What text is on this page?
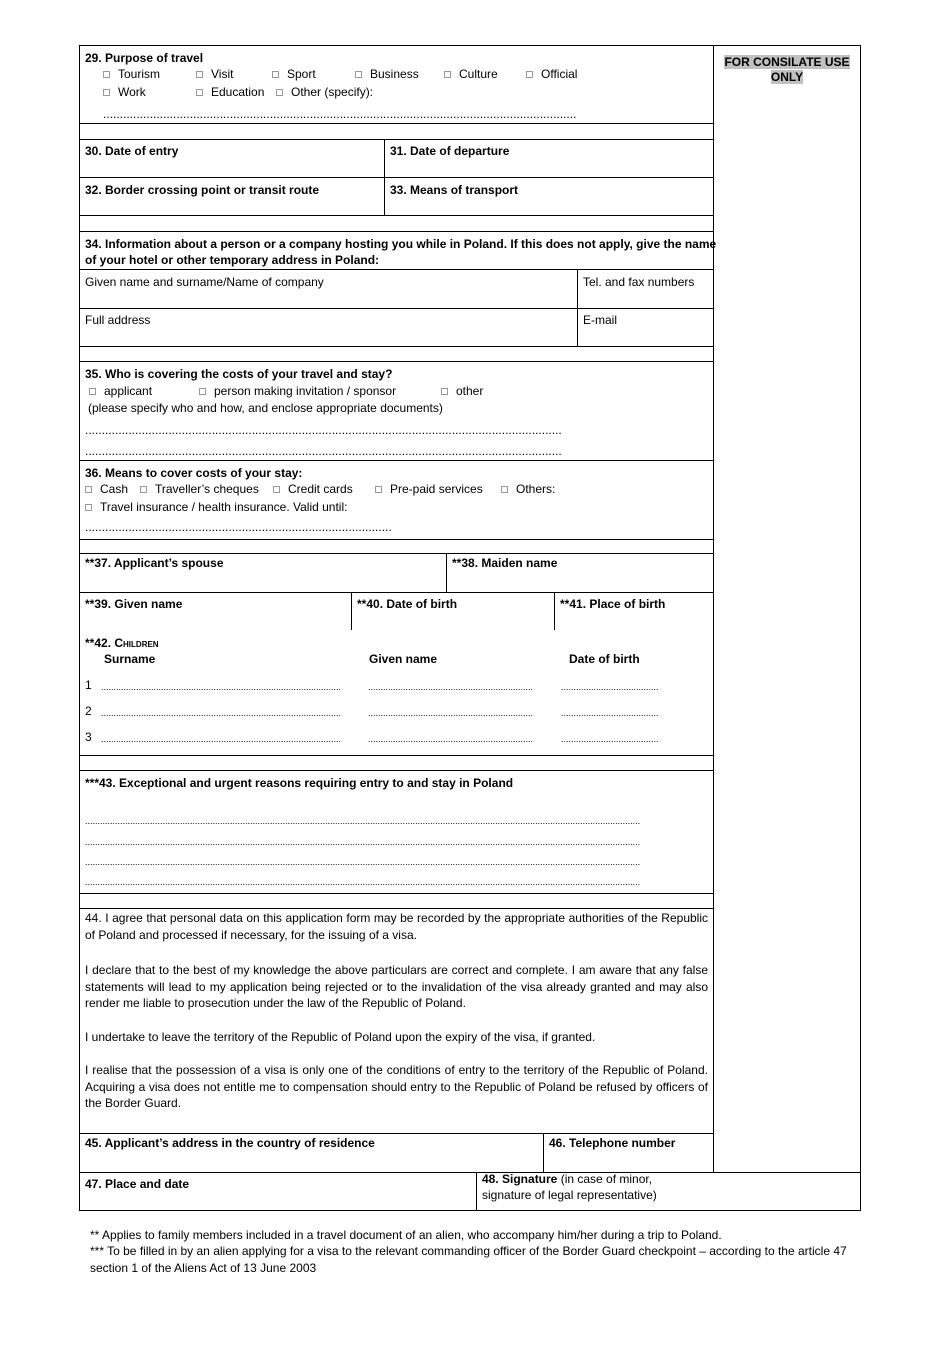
FOR CONSILATE USE
ONLY
29. Purpose of travel
Tourism	Visit	Sport	Business	Culture	Official
Work	Education Other (specify):
..............................................................................................................................................
30. Date of entry	31. Date of departure
32. Border crossing point or transit route	33. Means of transport
34. Information about a person or a company hosting you while in Poland. If this does not apply, give the name
of your hotel or other temporary address in Poland:
Given name and surname/Name of company	Tel. and fax numbers
Full address	E-mail
35. Who is covering the costs of your travel and stay?
applicant	person making invitation / sponsor	other
(please specify who and how, and enclose appropriate documents)
...............................................................................................................................................
...............................................................................................................................................
36. Means to cover costs of your stay:
Cash Traveller’s cheques Credit cards	Pre-paid services	Others:
Travel insurance / health insurance. Valid until:
............................................................................................
**37. Applicant’s spouse	**38. Maiden name
**39. Given name	**40. Date of birth	**41. Place of birth
**42. Children
Surname	Given name	Date of birth
1 ................................................................................................	..................................................................	.......................................
2 ................................................................................................	..................................................................	.......................................
3 ................................................................................................	..................................................................	.......................................
***43. Exceptional and urgent reasons requiring entry to and stay in Poland
..............................................................................................................................................................................................................................
..............................................................................................................................................................................................................................
..............................................................................................................................................................................................................................
..............................................................................................................................................................................................................................
44. I agree that personal data on this application form may be recorded by the appropriate authorities of the Republic of Poland and processed if necessary, for the issuing of a visa.
I declare that to the best of my knowledge the above particulars are correct and complete. I am aware that any false statements will lead to my application being rejected or to the invalidation of the visa already granted and may also render me liable to prosecution under the law of the Republic of Poland.
I undertake to leave the territory of the Republic of Poland upon the expiry of the visa, if granted.
I realise that the possession of a visa is only one of the conditions of entry to the territory of the Republic of Poland. Acquiring a visa does not entitle me to compensation should entry to the Republic of Poland be refused by officers of the Border Guard.
45. Applicant’s address in the country of residence	46. Telephone number
47. Place and date	48. Signature (in case of minor,
signature of legal representative)
** Applies to family members included in a travel document of an alien, who accompany him/her during a trip to Poland.
*** To be filled in by an alien applying for a visa to the relevant commanding officer of the Border Guard checkpoint – according to the article 47
section 1 of the Aliens Act of 13 June 2003
